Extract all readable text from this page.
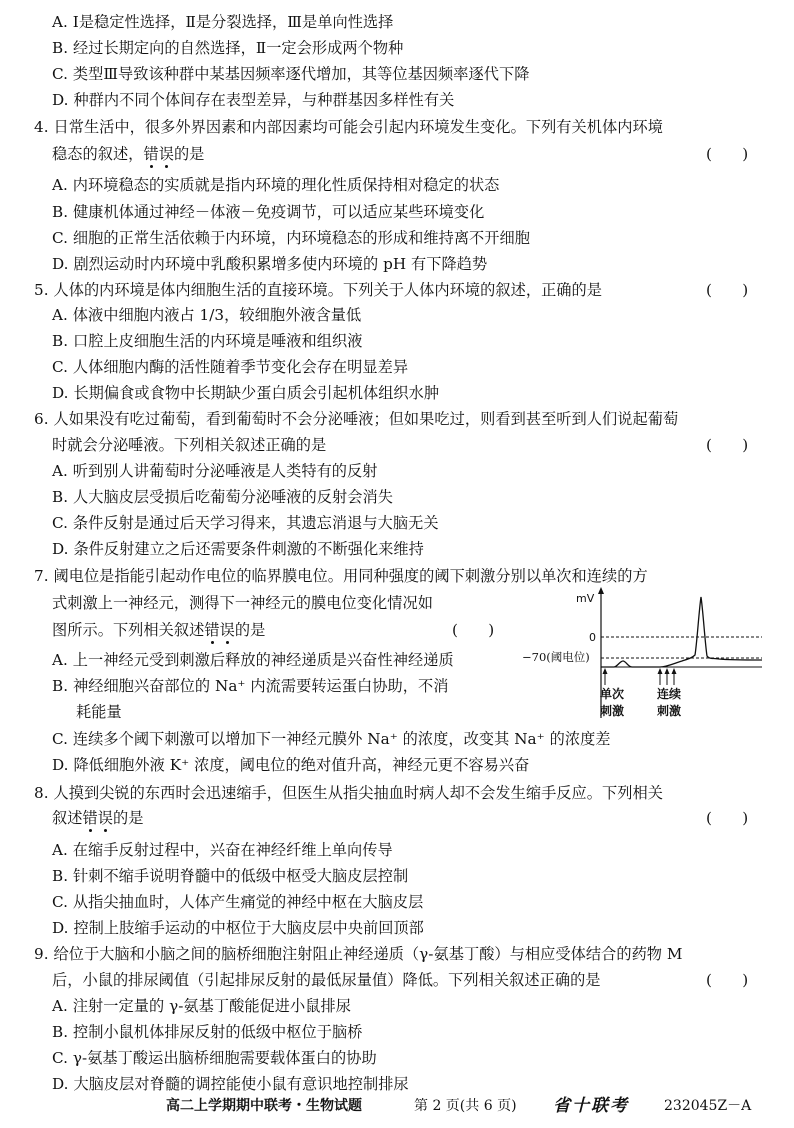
A. Ⅰ是稳定性选择，Ⅱ是分裂选择，Ⅲ是单向性选择
B. 经过长期定向的自然选择，Ⅱ一定会形成两个物种
C. 类型Ⅲ导致该种群中某基因频率逐代增加，其等位基因频率逐代下降
D. 种群内不同个体间存在表型差异，与种群基因多样性有关
4. 日常生活中，很多外界因素和内部因素均可能会引起内环境发生变化。下列有关机体内环境
稳态的叙述，错误的是	(　　)
A. 内环境稳态的实质就是指内环境的理化性质保持相对稳定的状态
B. 健康机体通过神经－体液－免疫调节，可以适应某些环境变化
C. 细胞的正常生活依赖于内环境，内环境稳态的形成和维持离不开细胞
D. 剧烈运动时内环境中乳酸积累增多使内环境的 pH 有下降趋势
5. 人体的内环境是体内细胞生活的直接环境。下列关于人体内环境的叙述，正确的是	(　　)
A. 体液中细胞内液占 1/3，较细胞外液含量低
B. 口腔上皮细胞生活的内环境是唾液和组织液
C. 人体细胞内酶的活性随着季节变化会存在明显差异
D. 长期偏食或食物中长期缺少蛋白质会引起机体组织水肿
6. 人如果没有吃过葡萄，看到葡萄时不会分泌唾液；但如果吃过，则看到甚至听到人们说起葡萄
时就会分泌唾液。下列相关叙述正确的是	(　　)
A. 听到别人讲葡萄时分泌唾液是人类特有的反射
B. 人大脑皮层受损后吃葡萄分泌唾液的反射会消失
C. 条件反射是通过后天学习得来，其遗忘消退与大脑无关
D. 条件反射建立之后还需要条件刺激的不断强化来维持
7. 阈电位是指能引起动作电位的临界膜电位。用同种强度的阈下刺激分别以单次和连续的方
式刺激上一神经元，测得下一神经元的膜电位变化情况如
图所示。下列相关叙述错误的是	(　　)
A. 上一神经元受到刺激后释放的神经递质是兴奋性神经递质
B. 神经细胞兴奋部位的 Na⁺ 内流需要转运蛋白协助，不消
耗能量
C. 连续多个阈下刺激可以增加下一神经元膜外 Na⁺ 的浓度，改变其 Na⁺ 的浓度差
D. 降低细胞外液 K⁺ 浓度，阈电位的绝对值升高，神经元更不容易兴奋
mV
0
−70(阈电位)
单次
刺激
连续
刺激
8. 人摸到尖锐的东西时会迅速缩手，但医生从指尖抽血时病人却不会发生缩手反应。下列相关
叙述错误的是	(　　)
A. 在缩手反射过程中，兴奋在神经纤维上单向传导
B. 针刺不缩手说明脊髓中的低级中枢受大脑皮层控制
C. 从指尖抽血时，人体产生痛觉的神经中枢在大脑皮层
D. 控制上肢缩手运动的中枢位于大脑皮层中央前回顶部
9. 给位于大脑和小脑之间的脑桥细胞注射阻止神经递质（γ-氨基丁酸）与相应受体结合的药物 M
后，小鼠的排尿阈值（引起排尿反射的最低尿量值）降低。下列相关叙述正确的是	(　　)
A. 注射一定量的 γ-氨基丁酸能促进小鼠排尿
B. 控制小鼠机体排尿反射的低级中枢位于脑桥
C. γ-氨基丁酸运出脑桥细胞需要载体蛋白的协助
D. 大脑皮层对脊髓的调控能使小鼠有意识地控制排尿
高二上学期期中联考・生物试题	第 2 页(共 6 页) 省十联考	232045Z－A
